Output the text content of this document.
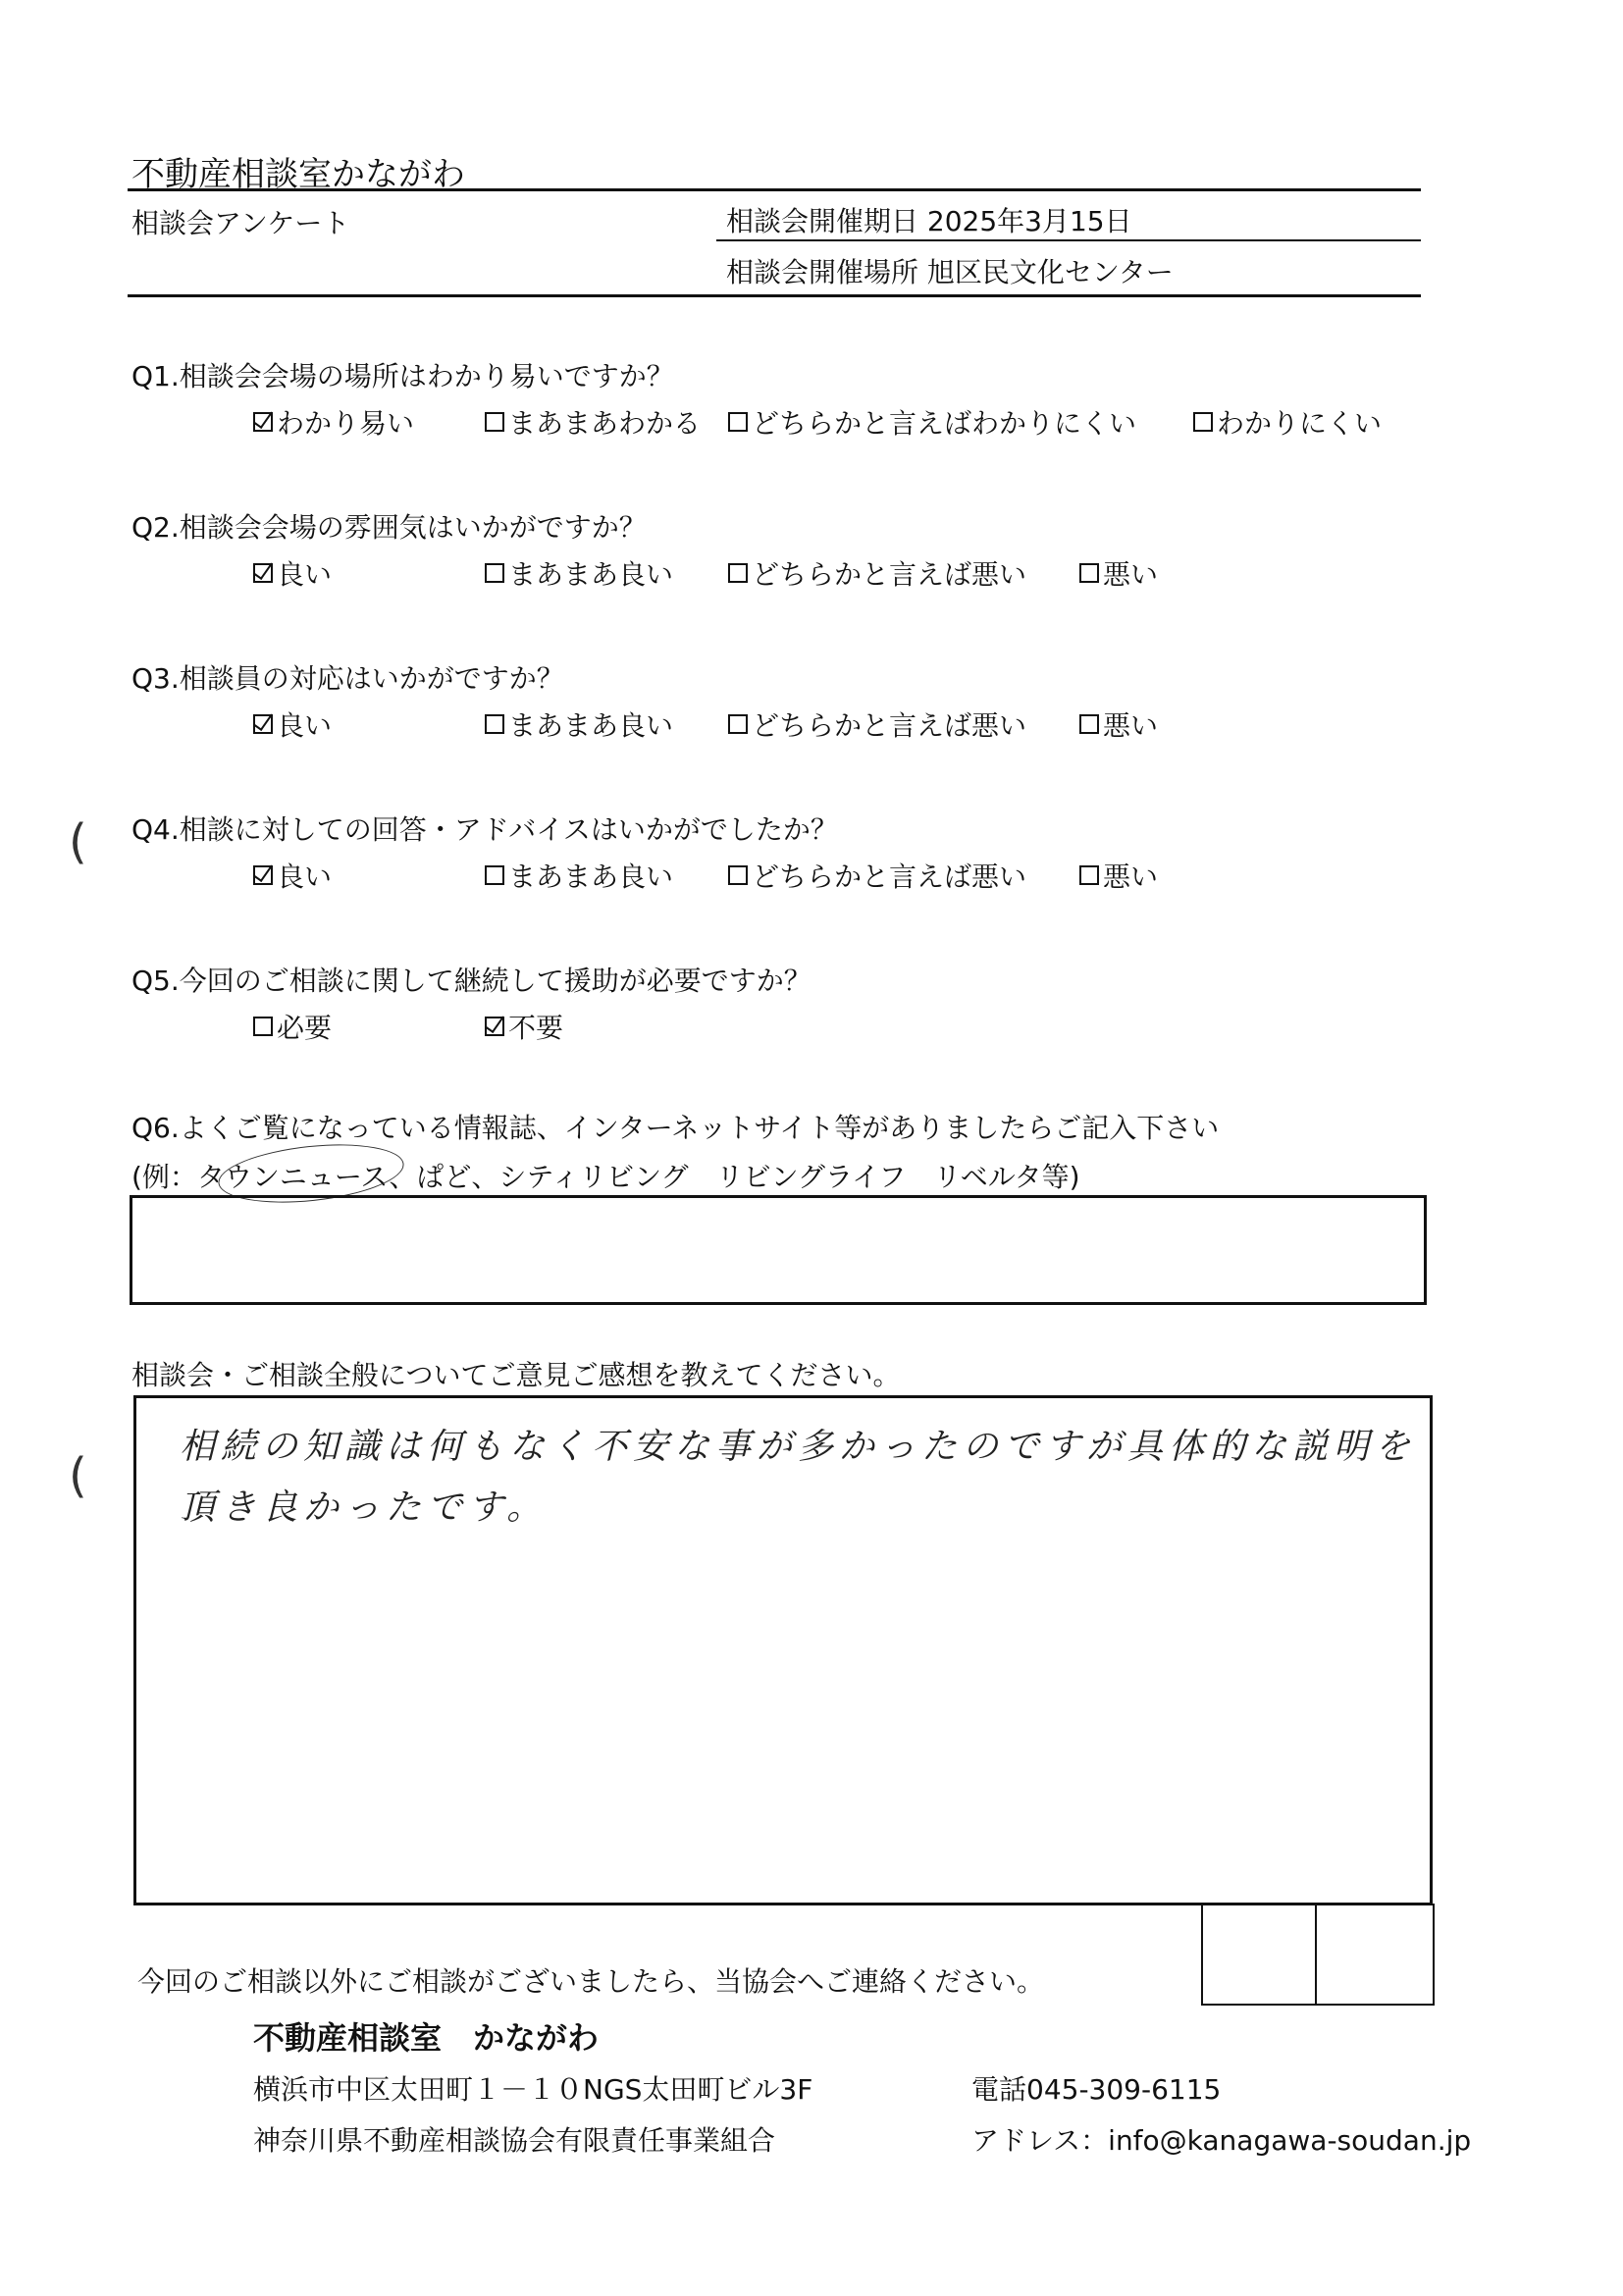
不動産相談室かながわ
相談会アンケート	相談会開催期日 2025年3月15日
相談会開催場所 旭区民文化センター
Q1.相談会会場の場所はわかり易いですか？
わかり易い	まあまあわかる どちらかと言えばわかりにくい	わかりにくい
Q2.相談会会場の雰囲気はいかがですか？
良い	まあまあ良い	どちらかと言えば悪い	悪い
Q3.相談員の対応はいかがですか？
良い	まあまあ良い	どちらかと言えば悪い	悪い
( Q4.相談に対しての回答・アドバイスはいかがでしたか？
良い	まあまあ良い	どちらかと言えば悪い	悪い
Q5.今回のご相談に関して継続して援助が必要ですか？
必要	不要
Q6.よくご覧になっている情報誌、インターネットサイト等がありましたらご記入下さい
(例：タウンニュース、ぱど、シティリビング　リビングライフ　リベルタ等)
相談会・ご相談全般についてご意見ご感想を教えてください。
(
相続の知識は何もなく不安な事が多かったのですが具体的な説明を
頂き良かったです。
今回のご相談以外にご相談がございましたら、当協会へご連絡ください。
不動産相談室　かながわ
横浜市中区太田町１－１０NGS太田町ビル3F	電話045-309-6115
神奈川県不動産相談協会有限責任事業組合	アドレス：info@kanagawa-soudan.jp
